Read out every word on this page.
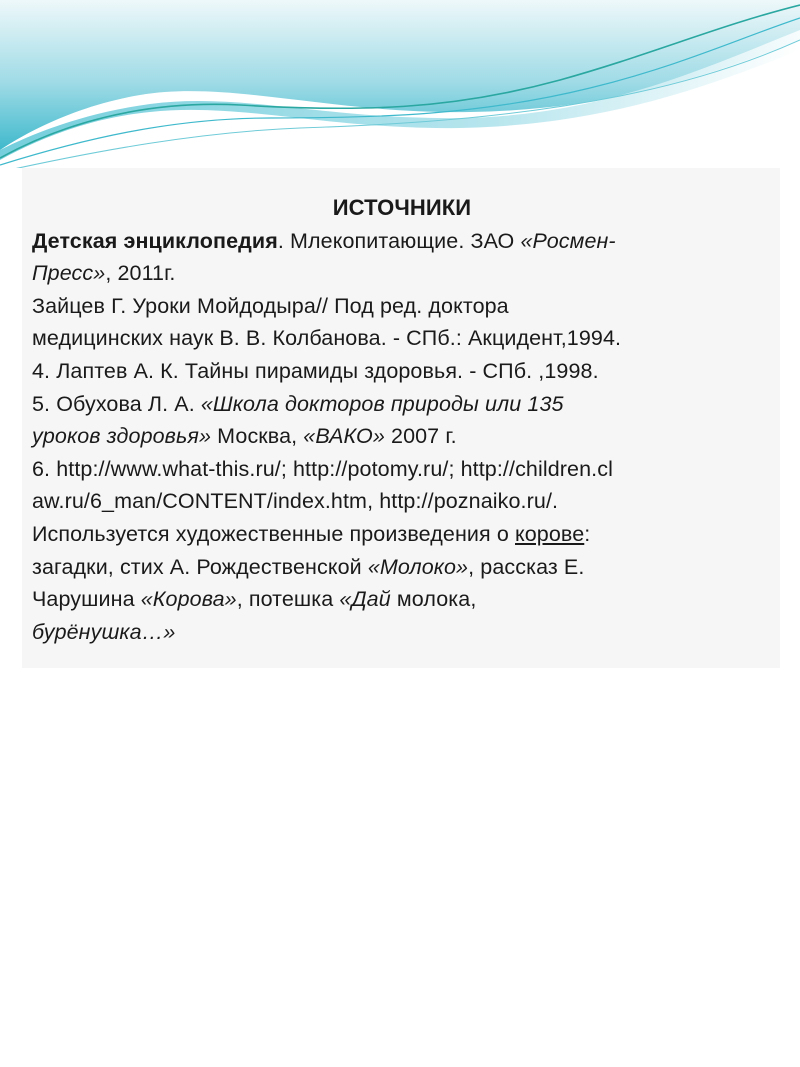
ИСТОЧНИКИ
Детская энциклопедия. Млекопитающие. ЗАО «Росмен-
Пресс», 2011г.
Зайцев Г. Уроки Мойдодыра// Под ред. доктора
медицинских наук В. В. Колбанова. - СПб.: Акцидент,1994.
4. Лаптев А. К. Тайны пирамиды здоровья. - СПб. ,1998.
5. Обухова Л. А. «Школа докторов природы или 135
уроков здоровья» Москва, «ВАКО» 2007 г.
6. http://www.what-this.ru/; http://potomy.ru/; http://children.cl
aw.ru/6_man/CONTENT/index.htm, http://poznaiko.ru/.
Используется художественные произведения о корове:
загадки, стих А. Рождественской «Молоко», рассказ Е.
Чарушина «Корова», потешка «Дай молока,
бурёнушка…»
